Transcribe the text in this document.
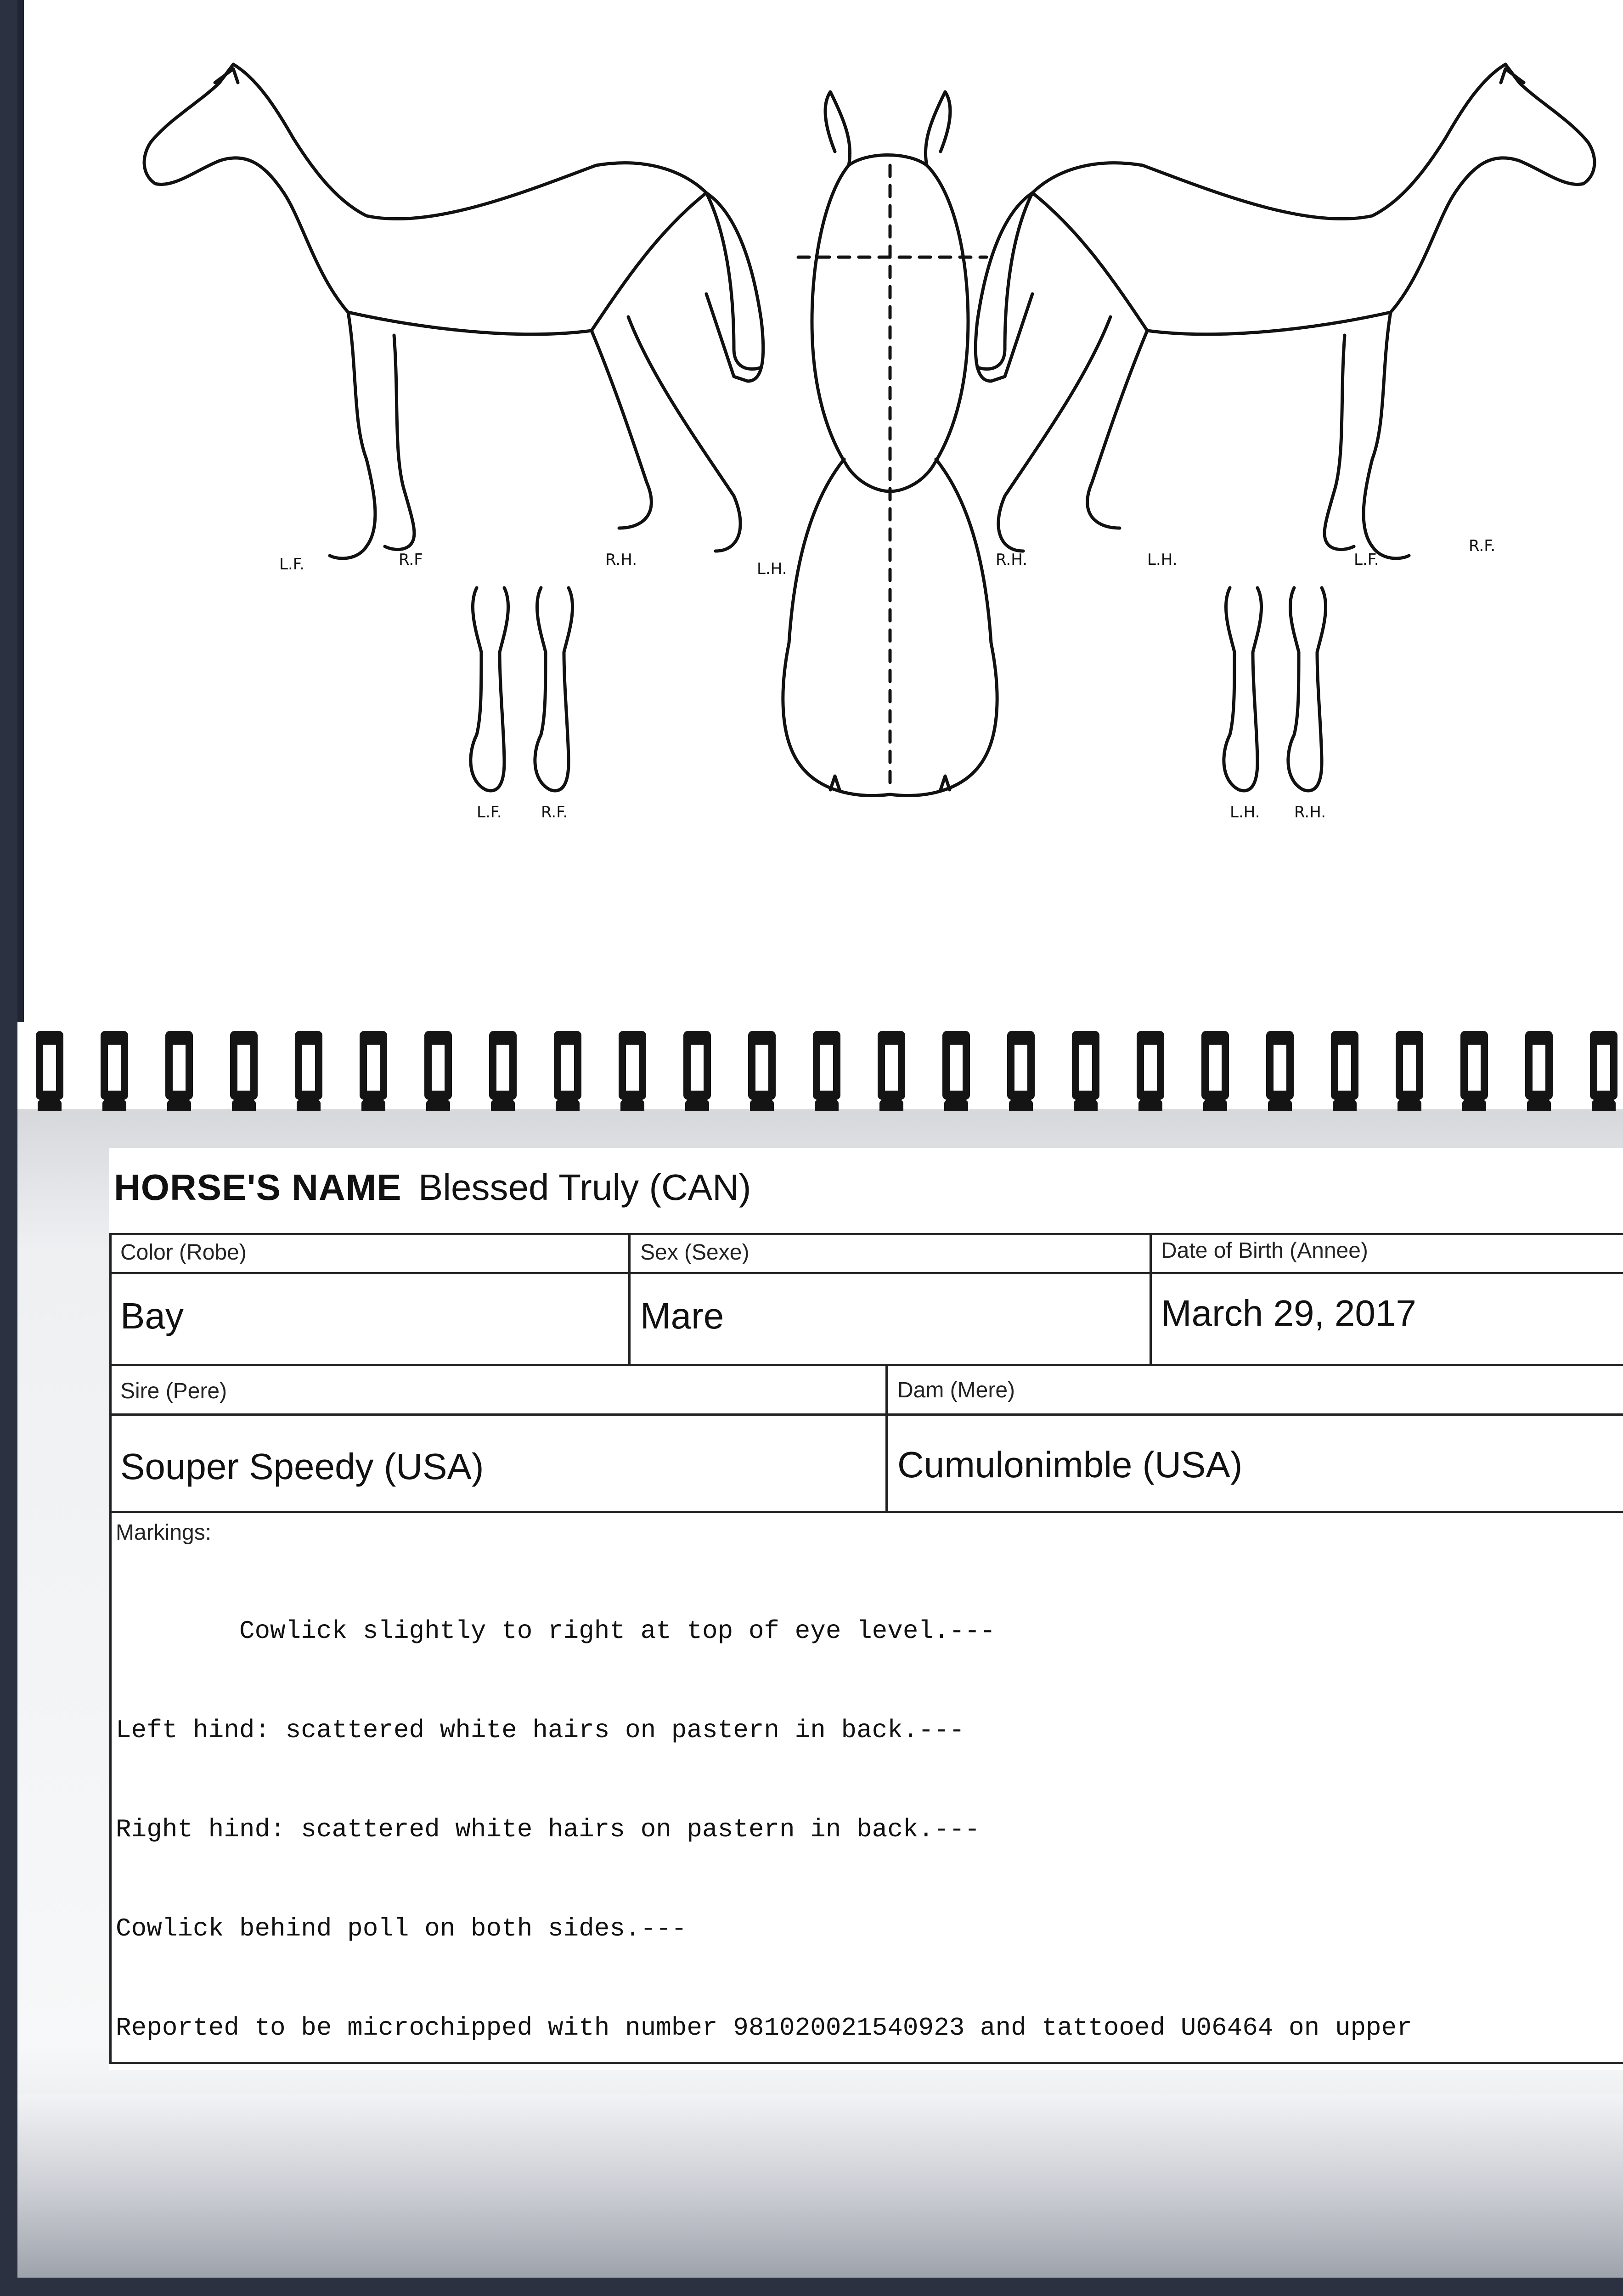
L.F.	R.F	R.H.	L.H.	R.H.	L.H.	L.F.
R.F.
L.F.	R.F.	L.H. R.H.
HORSE'S NAME Blessed Truly (CAN)
Color (Robe)
Bay
Sex (Sexe)
Mare
Date of Birth (Annee)
March 29, 2017
Sire (Pere)
Souper Speedy (USA)
Dam (Mere)
Cumulonimble (USA)
Markings:

Cowlick slightly to right at top of eye level.---

Left hind: scattered white hairs on pastern in back.---

Right hind: scattered white hairs on pastern in back.---

Cowlick behind poll on both sides.---

Reported to be microchipped with number 981020021540923 and tattooed U06464 on upper
